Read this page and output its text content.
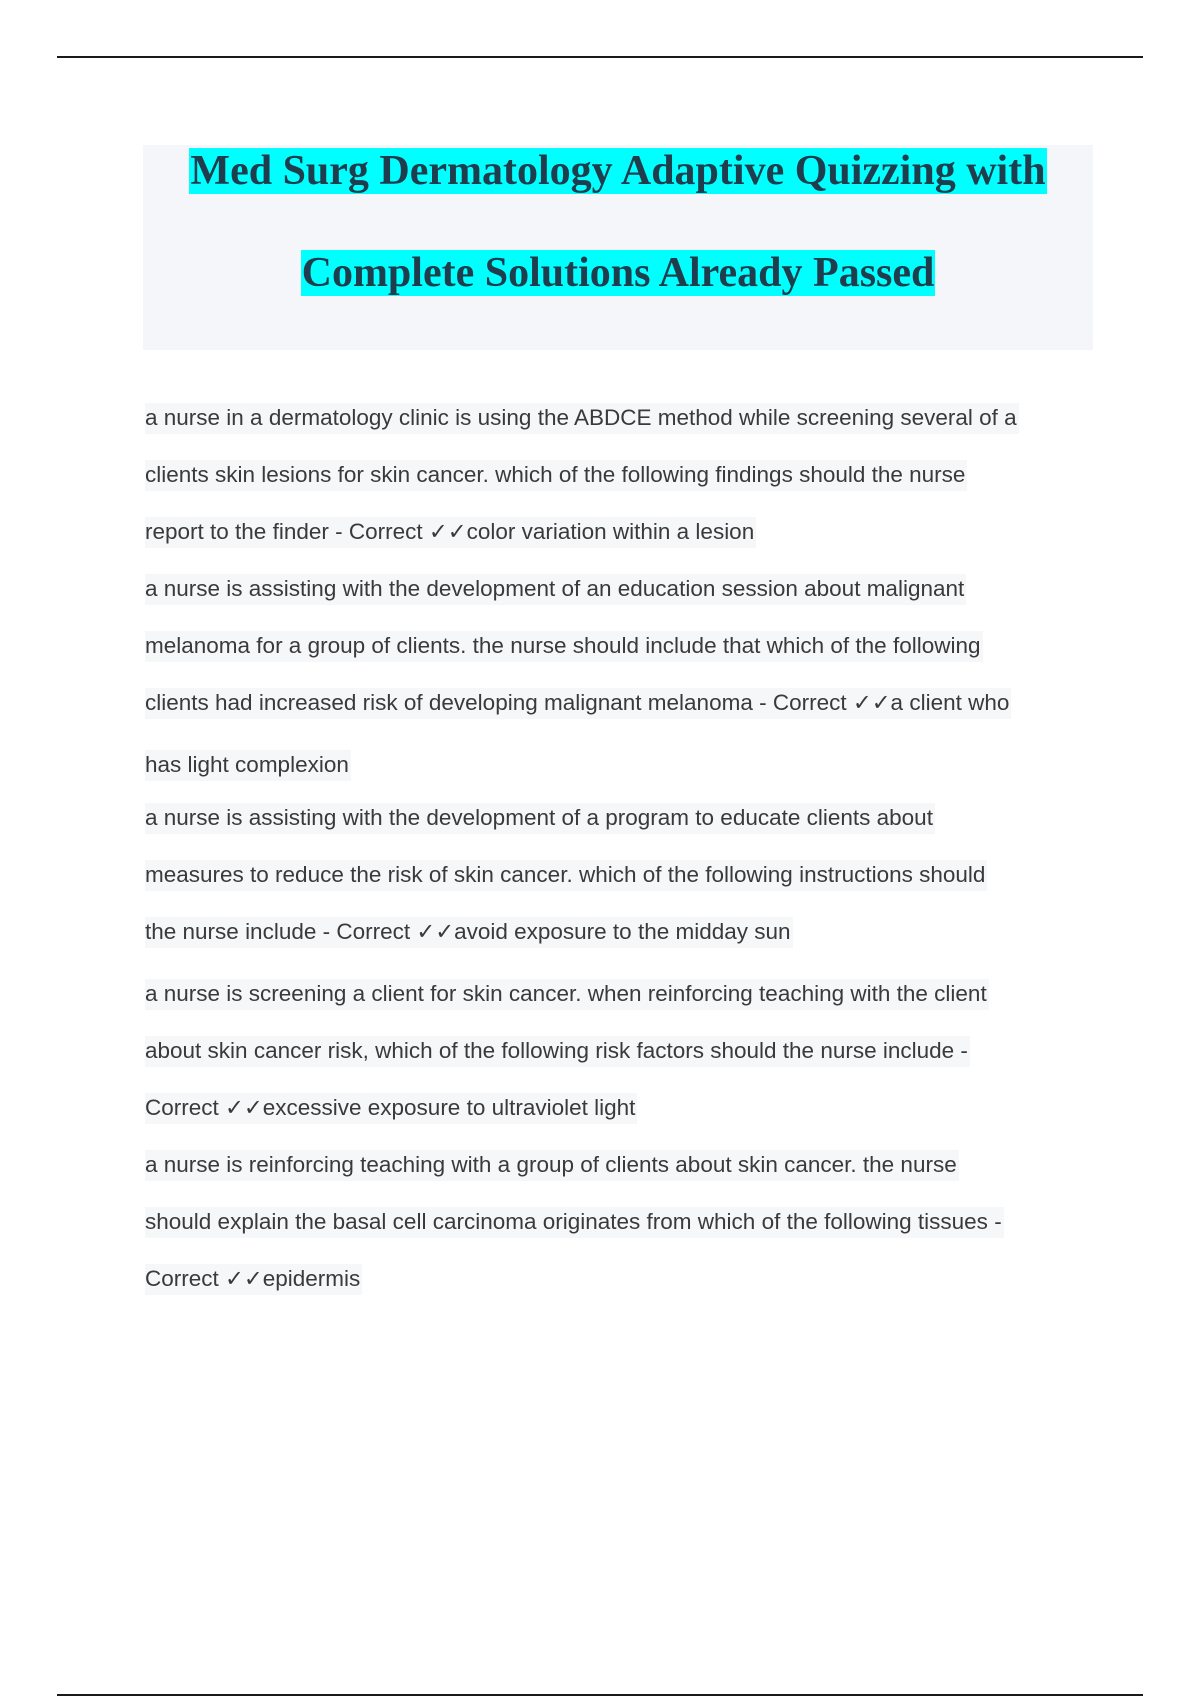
Med Surg Dermatology Adaptive Quizzing with
Complete Solutions Already Passed
a nurse in a dermatology clinic is using the ABDCE method while screening several of a
clients skin lesions for skin cancer. which of the following findings should the nurse
report to the finder - Correct ✓✓color variation within a lesion
a nurse is assisting with the development of an education session about malignant
melanoma for a group of clients. the nurse should include that which of the following
clients had increased risk of developing malignant melanoma - Correct ✓✓a client who
has light complexion
a nurse is assisting with the development of a program to educate clients about
measures to reduce the risk of skin cancer. which of the following instructions should
the nurse include - Correct ✓✓avoid exposure to the midday sun
a nurse is screening a client for skin cancer. when reinforcing teaching with the client
about skin cancer risk, which of the following risk factors should the nurse include -
Correct ✓✓excessive exposure to ultraviolet light
a nurse is reinforcing teaching with a group of clients about skin cancer. the nurse
should explain the basal cell carcinoma originates from which of the following tissues -
Correct ✓✓epidermis
